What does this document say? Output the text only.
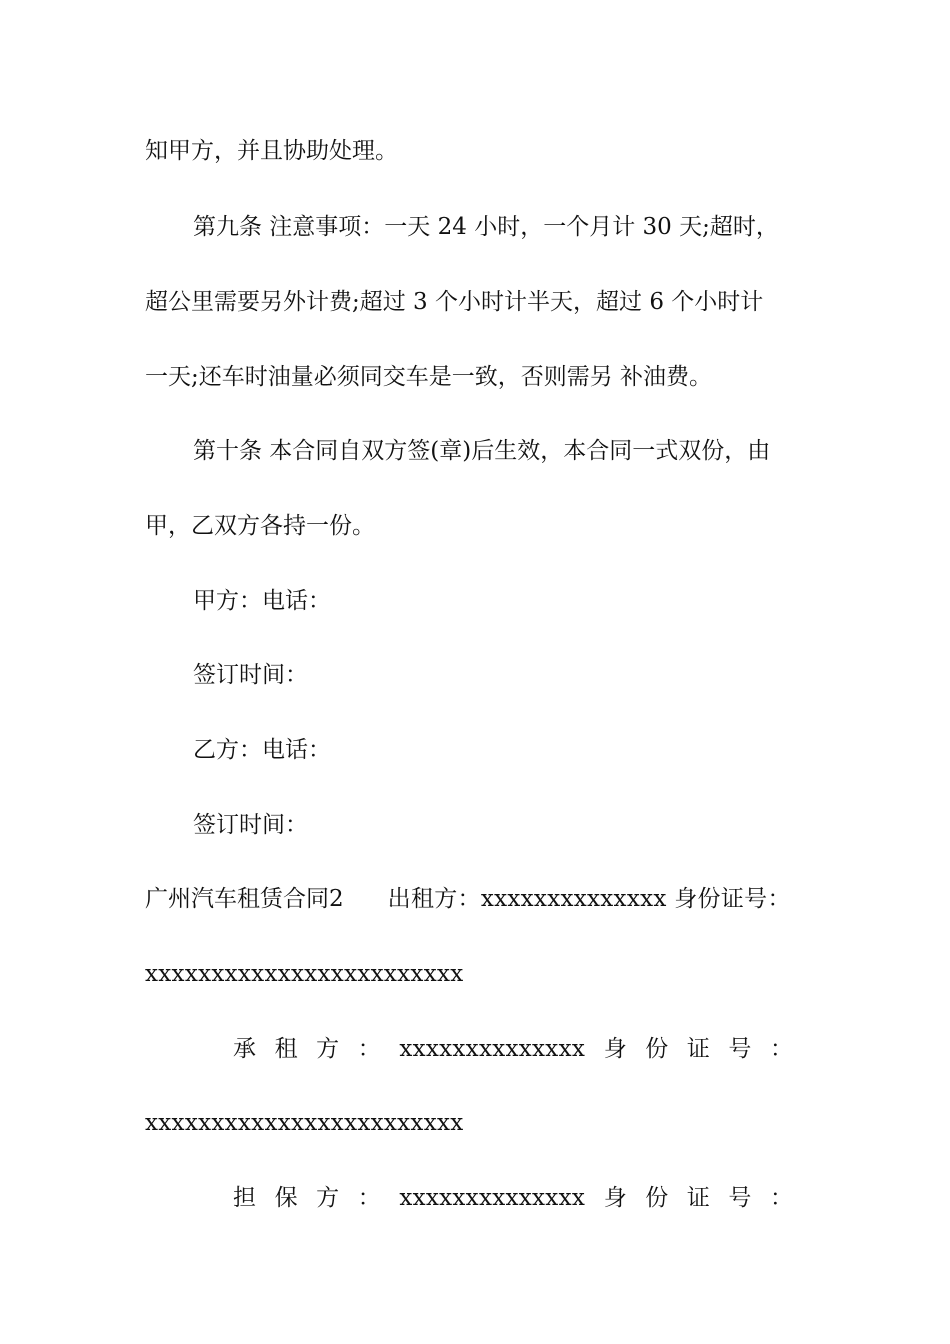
知甲方，并且协助处理。
第九条 注意事项：一天 24 小时，一个月计 30 天;超时，
超公里需要另外计费;超过 3 个小时计半天，超过 6 个小时计
一天;还车时油量必须同交车是一致，否则需另 补油费。
第十条 本合同自双方签(章)后生效，本合同一式双份，由
甲，乙双方各持一份。
甲方：电话：
签订时间：
乙方：电话：
签订时间：
广州汽车租赁合同2 出租方：xxxxxxxxxxxxxx 身份证号：
xxxxxxxxxxxxxxxxxxxxxxxx
承 租 方 ： xxxxxxxxxxxxxx 身 份 证 号 ：
xxxxxxxxxxxxxxxxxxxxxxxx
担 保 方 ： xxxxxxxxxxxxxx 身 份 证 号 ：
